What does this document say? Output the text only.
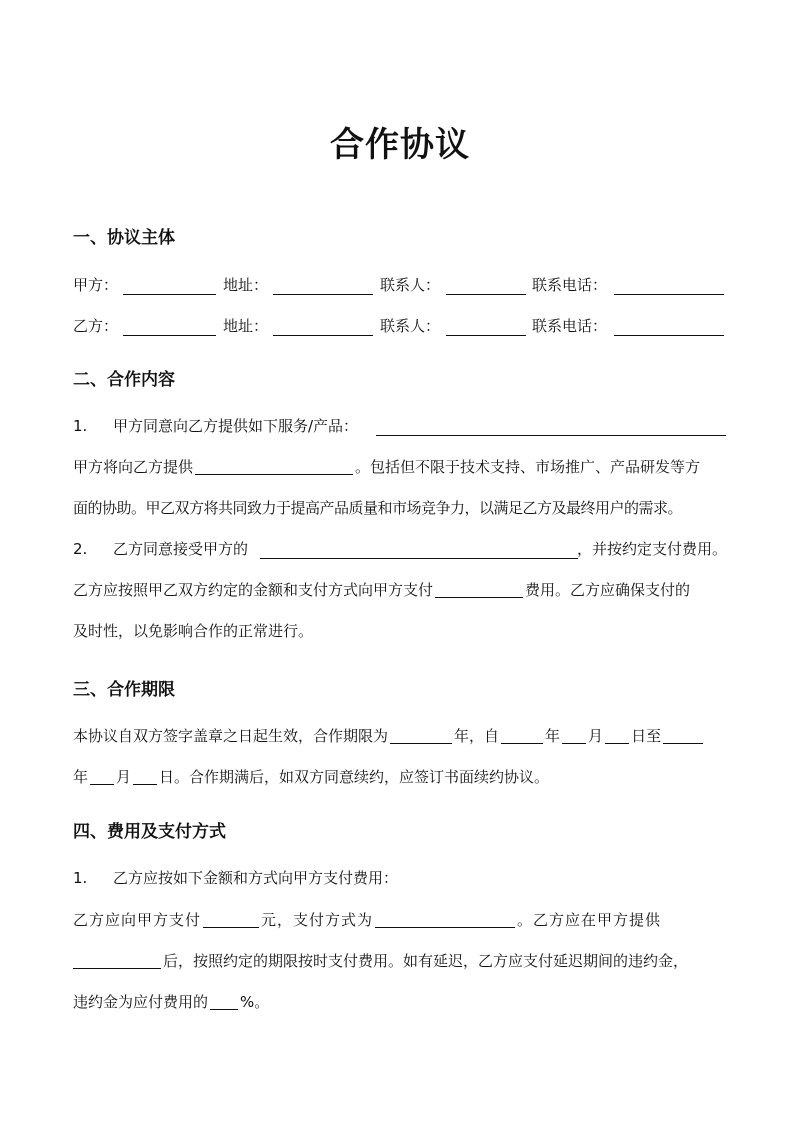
合作协议
一、协议主体
甲方：	地址：	联系人：	联系电话：
乙方：	地址：	联系人：	联系电话：
二、合作内容
1. 甲方同意向乙方提供如下服务/产品：
甲方将向乙方提供	。包括但不限于技术支持、市场推广、产品研发等方
面的协助。甲乙双方将共同致力于提高产品质量和市场竞争力，以满足乙方及最终用户的需求。
2. 乙方同意接受甲方的	，并按约定支付费用。
乙方应按照甲乙双方约定的金额和支付方式向甲方支付	费用。乙方应确保支付的
及时性，以免影响合作的正常进行。
三、合作期限
本协议自双方签字盖章之日起生效，合作期限为	年，自	年 月 日至
年 月 日。合作期满后，如双方同意续约，应签订书面续约协议。
四、费用及支付方式
1. 乙方应按如下金额和方式向甲方支付费用：
乙方应向甲方支付	元，支付方式为	。乙方应在甲方提供
后，按照约定的期限按时支付费用。如有延迟，乙方应支付延迟期间的违约金，
违约金为应付费用的 %。
